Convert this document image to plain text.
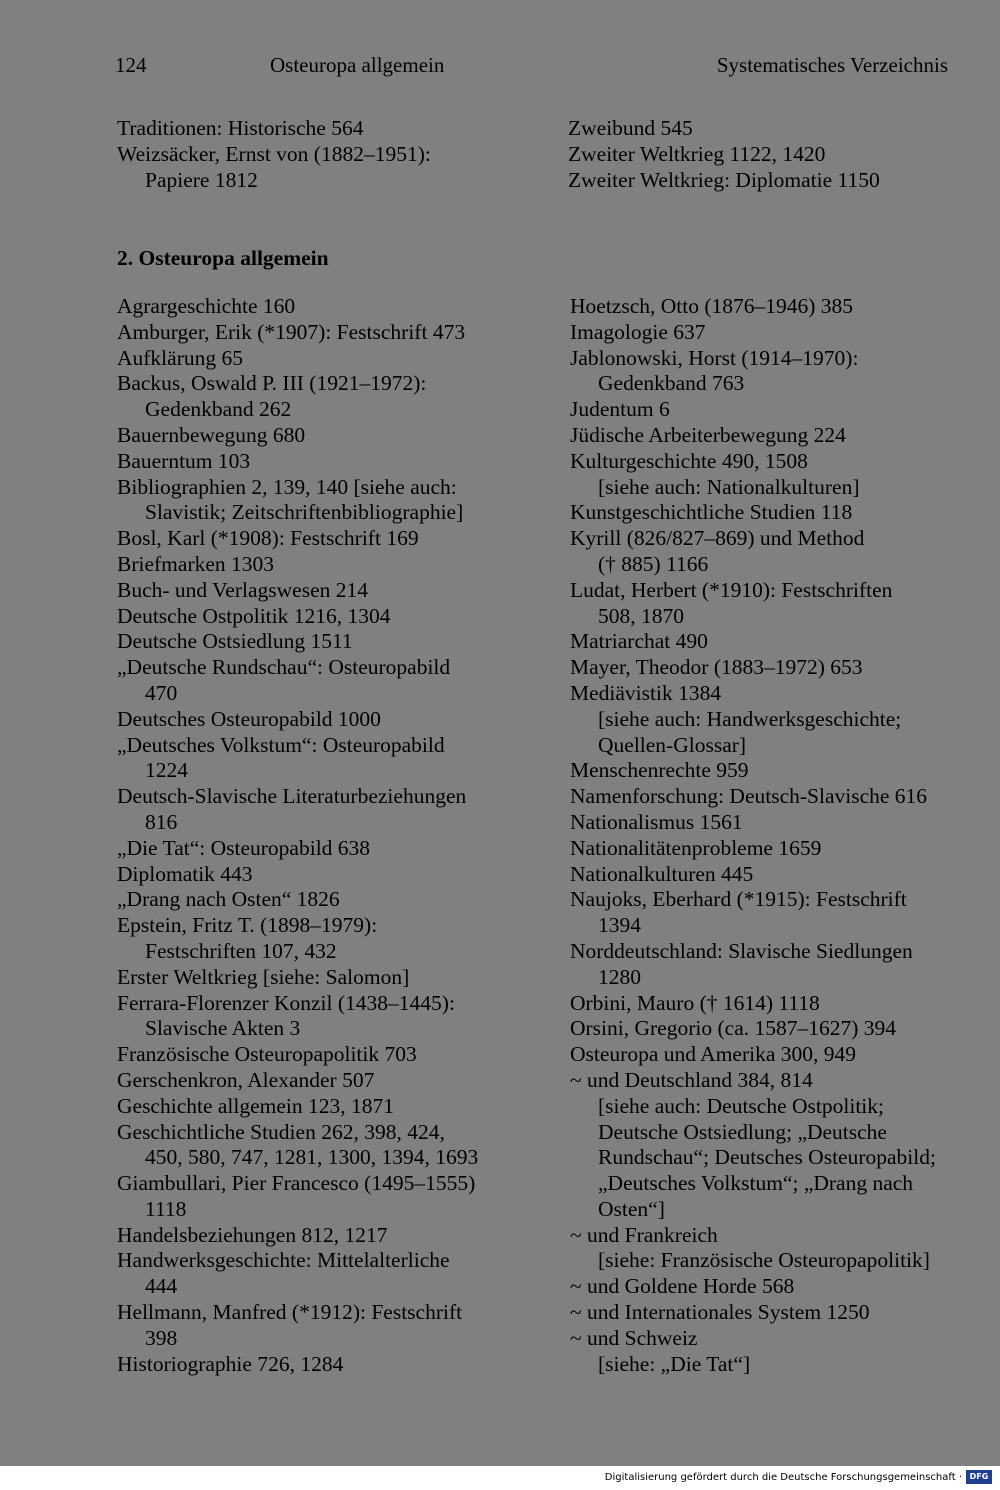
124	Osteuropa allgemein	Systematisches Verzeichnis
Traditionen: Historische 564
Weizsäcker, Ernst von (1882–1951):
Papiere 1812
Zweibund 545
Zweiter Weltkrieg 1122, 1420
Zweiter Weltkrieg: Diplomatie 1150
2. Osteuropa allgemein
Agrargeschichte 160
Amburger, Erik (*1907): Festschrift 473
Aufklärung 65
Backus, Oswald P. III (1921–1972):
Gedenkband 262
Bauernbewegung 680
Bauerntum 103
Bibliographien 2, 139, 140 [siehe auch:
Slavistik; Zeitschriftenbibliographie]
Bosl, Karl (*1908): Festschrift 169
Briefmarken 1303
Buch- und Verlagswesen 214
Deutsche Ostpolitik 1216, 1304
Deutsche Ostsiedlung 1511
„Deutsche Rundschau“: Osteuropabild
470
Deutsches Osteuropabild 1000
„Deutsches Volkstum“: Osteuropabild
1224
Deutsch-Slavische Literaturbeziehungen
816
„Die Tat“: Osteuropabild 638
Diplomatik 443
„Drang nach Osten“ 1826
Epstein, Fritz T. (1898–1979):
Festschriften 107, 432
Erster Weltkrieg [siehe: Salomon]
Ferrara-Florenzer Konzil (1438–1445):
Slavische Akten 3
Französische Osteuropapolitik 703
Gerschenkron, Alexander 507
Geschichte allgemein 123, 1871
Geschichtliche Studien 262, 398, 424,
450, 580, 747, 1281, 1300, 1394, 1693
Giambullari, Pier Francesco (1495–1555)
1118
Handelsbeziehungen 812, 1217
Handwerksgeschichte: Mittelalterliche
444
Hellmann, Manfred (*1912): Festschrift
398
Historiographie 726, 1284
Hoetzsch, Otto (1876–1946) 385
Imagologie 637
Jablonowski, Horst (1914–1970):
Gedenkband 763
Judentum 6
Jüdische Arbeiterbewegung 224
Kulturgeschichte 490, 1508
[siehe auch: Nationalkulturen]
Kunstgeschichtliche Studien 118
Kyrill (826/827–869) und Method
(† 885) 1166
Ludat, Herbert (*1910): Festschriften
508, 1870
Matriarchat 490
Mayer, Theodor (1883–1972) 653
Mediävistik 1384
[siehe auch: Handwerksgeschichte;
Quellen-Glossar]
Menschenrechte 959
Namenforschung: Deutsch-Slavische 616
Nationalismus 1561
Nationalitätenprobleme 1659
Nationalkulturen 445
Naujoks, Eberhard (*1915): Festschrift
1394
Norddeutschland: Slavische Siedlungen
1280
Orbini, Mauro († 1614) 1118
Orsini, Gregorio (ca. 1587–1627) 394
Osteuropa und Amerika 300, 949
~ und Deutschland 384, 814
[siehe auch: Deutsche Ostpolitik;
Deutsche Ostsiedlung; „Deutsche
Rundschau“; Deutsches Osteuropabild;
„Deutsches Volkstum“; „Drang nach
Osten“]
~ und Frankreich
[siehe: Französische Osteuropapolitik]
~ und Goldene Horde 568
~ und Internationales System 1250
~ und Schweiz
[siehe: „Die Tat“]
Digitalisierung gefördert durch die Deutsche Forschungsgemeinschaft · DFG
